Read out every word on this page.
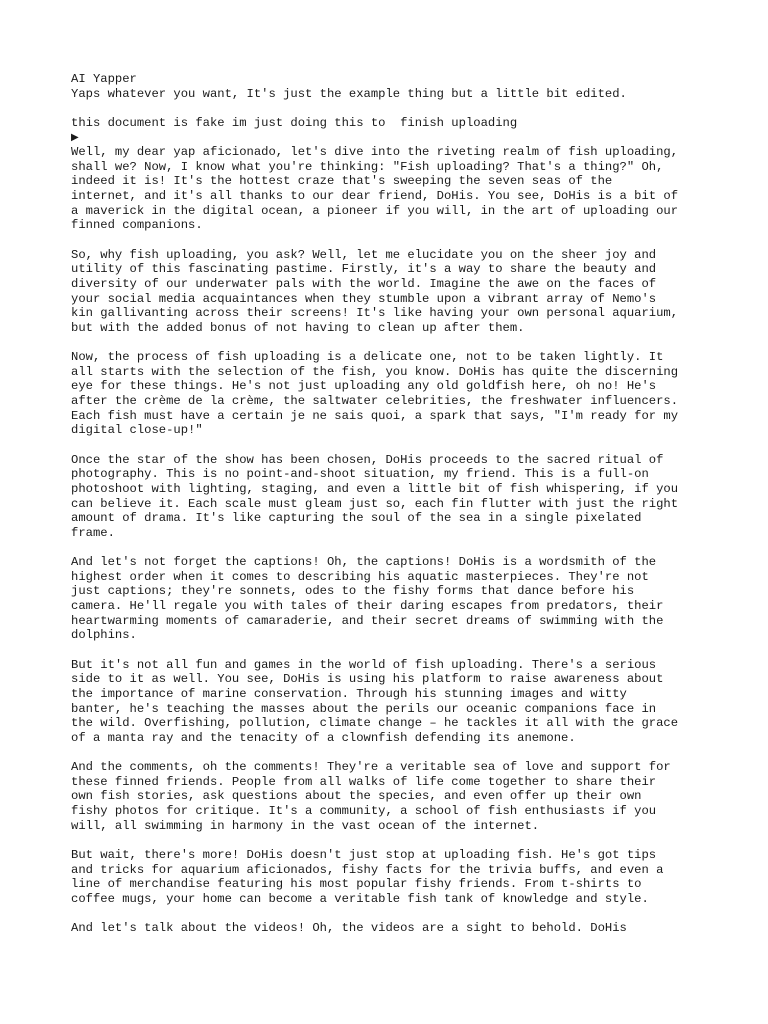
AI Yapper
Yaps whatever you want, It's just the example thing but a little bit edited.
this document is fake im just doing this to  finish uploading
▶
Well, my dear yap aficionado, let's dive into the riveting realm of fish uploading,
shall we? Now, I know what you're thinking: "Fish uploading? That's a thing?" Oh,
indeed it is! It's the hottest craze that's sweeping the seven seas of the
internet, and it's all thanks to our dear friend, DoHis. You see, DoHis is a bit of
a maverick in the digital ocean, a pioneer if you will, in the art of uploading our
finned companions.
So, why fish uploading, you ask? Well, let me elucidate you on the sheer joy and
utility of this fascinating pastime. Firstly, it's a way to share the beauty and
diversity of our underwater pals with the world. Imagine the awe on the faces of
your social media acquaintances when they stumble upon a vibrant array of Nemo's
kin gallivanting across their screens! It's like having your own personal aquarium,
but with the added bonus of not having to clean up after them.
Now, the process of fish uploading is a delicate one, not to be taken lightly. It
all starts with the selection of the fish, you know. DoHis has quite the discerning
eye for these things. He's not just uploading any old goldfish here, oh no! He's
after the crème de la crème, the saltwater celebrities, the freshwater influencers.
Each fish must have a certain je ne sais quoi, a spark that says, "I'm ready for my
digital close-up!"
Once the star of the show has been chosen, DoHis proceeds to the sacred ritual of
photography. This is no point-and-shoot situation, my friend. This is a full-on
photoshoot with lighting, staging, and even a little bit of fish whispering, if you
can believe it. Each scale must gleam just so, each fin flutter with just the right
amount of drama. It's like capturing the soul of the sea in a single pixelated
frame.
And let's not forget the captions! Oh, the captions! DoHis is a wordsmith of the
highest order when it comes to describing his aquatic masterpieces. They're not
just captions; they're sonnets, odes to the fishy forms that dance before his
camera. He'll regale you with tales of their daring escapes from predators, their
heartwarming moments of camaraderie, and their secret dreams of swimming with the
dolphins.
But it's not all fun and games in the world of fish uploading. There's a serious
side to it as well. You see, DoHis is using his platform to raise awareness about
the importance of marine conservation. Through his stunning images and witty
banter, he's teaching the masses about the perils our oceanic companions face in
the wild. Overfishing, pollution, climate change – he tackles it all with the grace
of a manta ray and the tenacity of a clownfish defending its anemone.
And the comments, oh the comments! They're a veritable sea of love and support for
these finned friends. People from all walks of life come together to share their
own fish stories, ask questions about the species, and even offer up their own
fishy photos for critique. It's a community, a school of fish enthusiasts if you
will, all swimming in harmony in the vast ocean of the internet.
But wait, there's more! DoHis doesn't just stop at uploading fish. He's got tips
and tricks for aquarium aficionados, fishy facts for the trivia buffs, and even a
line of merchandise featuring his most popular fishy friends. From t-shirts to
coffee mugs, your home can become a veritable fish tank of knowledge and style.
And let's talk about the videos! Oh, the videos are a sight to behold. DoHis
